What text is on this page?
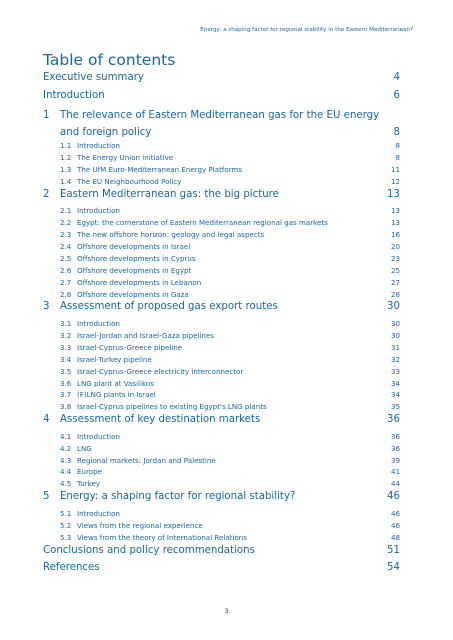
Energy: a shaping factor for regional stability in the Eastern Mediterranean?
Table of contents
Executive summary	4
Introduction	6
1 The relevance of Eastern Mediterranean gas for the EU energy
and foreign policy	8
1.1 Introduction	8
1.2 The Energy Union initiative	8
1.3 The UfM Euro-Mediterranean Energy Platforms	11
1.4 The EU Neighbourhood Policy	12
2 Eastern Mediterranean gas: the big picture	13
2.1 Introduction	13
2.2 Egypt: the cornerstone of Eastern Mediterranean regional gas markets	13
2.3 The new offshore horizon: geology and legal aspects	16
2.4 Offshore developments in Israel	20
2.5 Offshore developments in Cyprus	23
2.6 Offshore developments in Egypt	25
2.7 Offshore developments in Lebanon	27
2.8 Offshore developments in Gaza	28
3 Assessment of proposed gas export routes	30
3.1 Introduction	30
3.2 Israel-Jordan and Israel-Gaza pipelines	30
3.3 Israel-Cyprus-Greece pipeline	31
3.4 Israel-Turkey pipeline	32
3.5 Israel-Cyprus-Greece electricity interconnector	33
3.6 LNG plant at Vasilikos	34
3.7 (F)LNG plants in Israel	34
3.8 Israel-Cyprus pipelines to existing Egypt's LNG plants	35
4 Assessment of key destination markets	36
4.1 Introduction	36
4.2 LNG	36
4.3 Regional markets: Jordan and Palestine	39
4.4 Europe	41
4.5 Turkey	44
5 Energy: a shaping factor for regional stability?	46
5.1 Introduction	46
5.2 Views from the regional experience	46
5.3 Views from the theory of International Relations	48
Conclusions and policy recommendations	51
References	54
3
